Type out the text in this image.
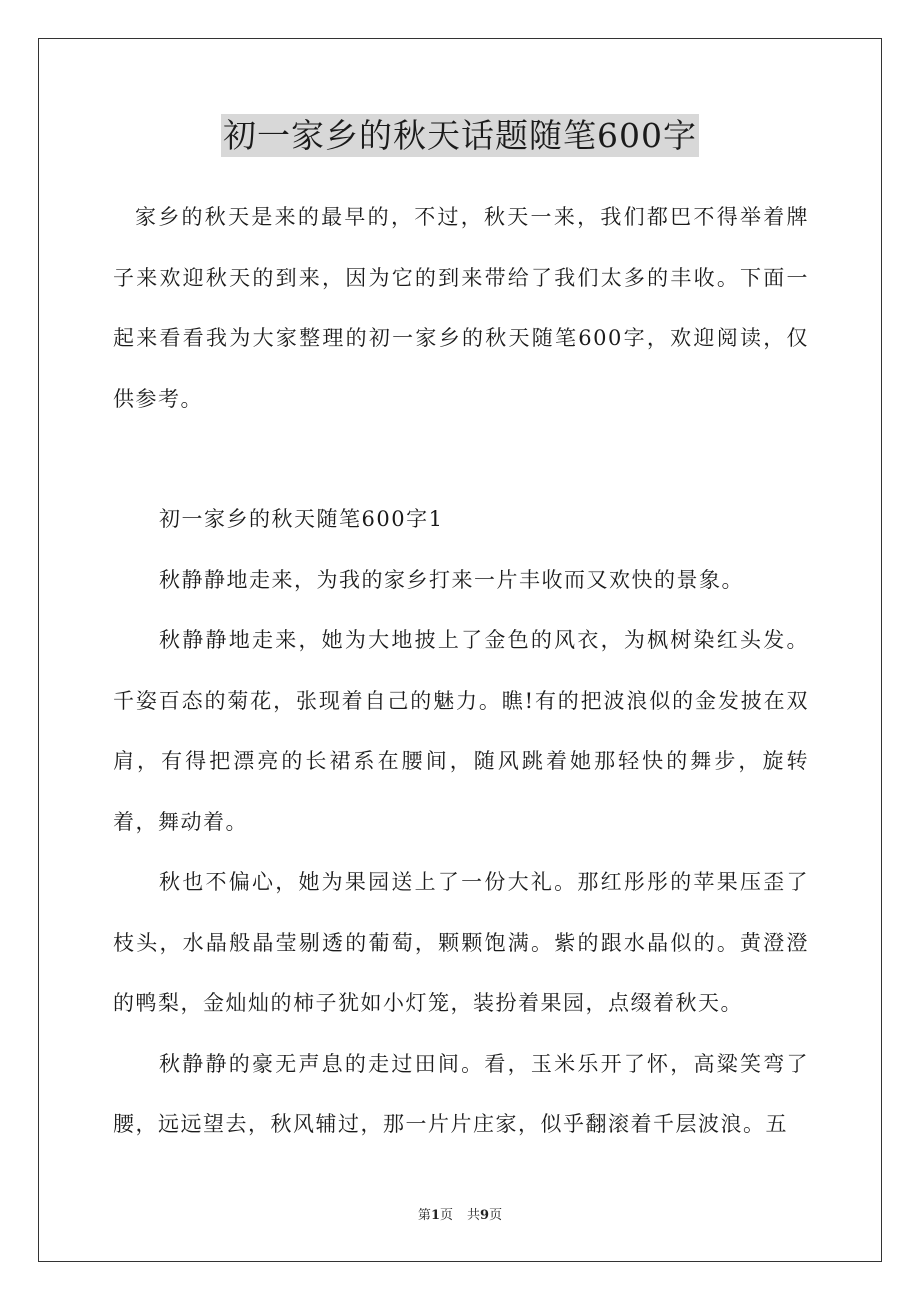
初一家乡的秋天话题随笔600字

家乡的秋天是来的最早的，不过，秋天一来，我们都巴不得举着牌子来欢迎秋天的到来，因为它的到来带给了我们太多的丰收。下面一起来看看我为大家整理的初一家乡的秋天随笔600字，欢迎阅读，仅供参考。

初一家乡的秋天随笔600字1

秋静静地走来，为我的家乡打来一片丰收而又欢快的景象。

秋静静地走来，她为大地披上了金色的风衣，为枫树染红头发。千姿百态的菊花，张现着自己的魅力。瞧!有的把波浪似的金发披在双肩，有得把漂亮的长裙系在腰间，随风跳着她那轻快的舞步，旋转着，舞动着。

秋也不偏心，她为果园送上了一份大礼。那红彤彤的苹果压歪了枝头，水晶般晶莹剔透的葡萄，颗颗饱满。紫的跟水晶似的。黄澄澄的鸭梨，金灿灿的柿子犹如小灯笼，装扮着果园，点缀着秋天。

秋静静的豪无声息的走过田间。看，玉米乐开了怀，高粱笑弯了腰，远远望去，秋风辅过，那一片片庄家，似乎翻滚着千层波浪。五

第1页 共9页
